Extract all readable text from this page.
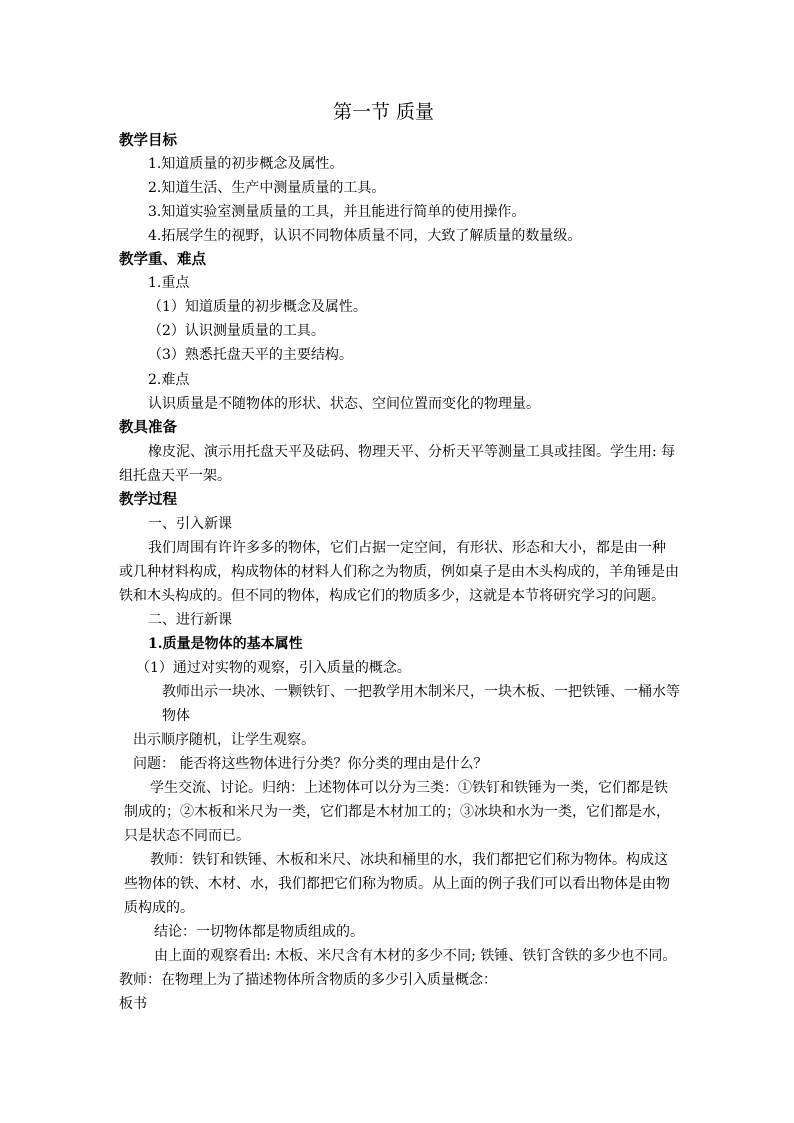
第一节 质量
教学目标
1.知道质量的初步概念及属性。
2.知道生活、生产中测量质量的工具。
3.知道实验室测量质量的工具，并且能进行简单的使用操作。
4.拓展学生的视野，认识不同物体质量不同，大致了解质量的数量级。
教学重、难点
1.重点
（1）知道质量的初步概念及属性。
（2）认识测量质量的工具。
（3）熟悉托盘天平的主要结构。
2.难点
认识质量是不随物体的形状、状态、空间位置而变化的物理量。
教具准备
橡皮泥、演示用托盘天平及砝码、物理天平、分析天平等测量工具或挂图。学生用: 每
组托盘天平一架。
教学过程
一、引入新课
我们周围有许许多多的物体，它们占据一定空间，有形状、形态和大小，都是由一种
或几种材料构成，构成物体的材料人们称之为物质，例如桌子是由木头构成的，羊角锤是由
铁和木头构成的。但不同的物体，构成它们的物质多少，这就是本节将研究学习的问题。
二、进行新课
1.质量是物体的基本属性
（1）通过对实物的观察，引入质量的概念。
教师出示一块冰、一颗铁钉、一把教学用木制米尺，一块木板、一把铁锤、一桶水等
物体
出示顺序随机，让学生观察。
问题： 能否将这些物体进行分类？你分类的理由是什么？
学生交流、讨论。归纳：上述物体可以分为三类：①铁钉和铁锤为一类，它们都是铁
制成的；②木板和米尺为一类，它们都是木材加工的；③冰块和水为一类，它们都是水，
只是状态不同而已。
教师：铁钉和铁锤、木板和米尺、冰块和桶里的水，我们都把它们称为物体。构成这
些物体的铁、木材、水，我们都把它们称为物质。从上面的例子我们可以看出物体是由物
质构成的。
结论：一切物体都是物质组成的。
由上面的观察看出: 木板、米尺含有木材的多少不同; 铁锤、铁钉含铁的多少也不同。
教师：在物理上为了描述物体所含物质的多少引入质量概念：
板书
